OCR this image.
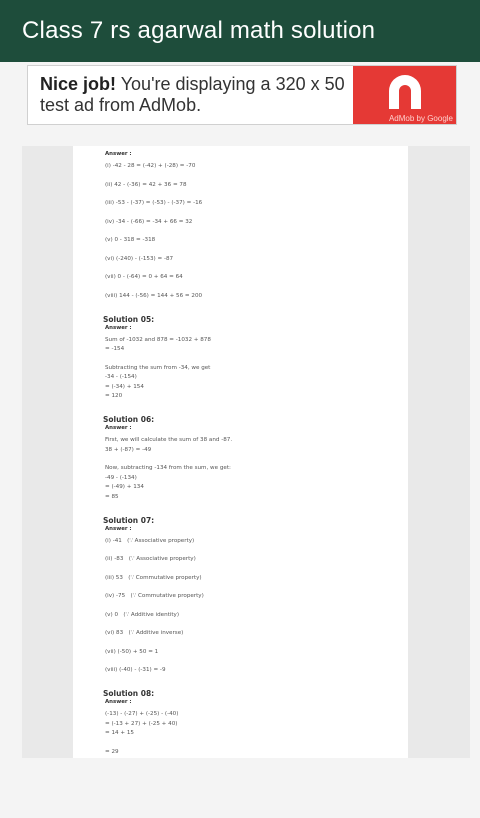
Class 7 rs agarwal math solution
Nice job! You're displaying a 320 x 50 test ad from AdMob.
AdMob by Google
Answer :
(i) -42 - 28 = (-42) + (-28) = -70
(ii) 42 - (-36) = 42 + 36 = 78
(iii) -53 - (-37) = (-53) - (-37) = -16
(iv) -34 - (-66) = -34 + 66 = 32
(v) 0 - 318 = -318
(vi) (-240) - (-153) = -87
(vii) 0 - (-64) = 0 + 64 = 64
(viii) 144 - (-56) = 144 + 56 = 200
Solution 05:
Answer :
Sum of -1032 and 878 = -1032 + 878
= -154
Subtracting the sum from -34, we get
-34 - (-154)
= (-34) + 154
= 120
Solution 06:
Answer :
First, we will calculate the sum of 38 and -87.
38 + (-87) = -49
Now, subtracting -134 from the sum, we get:
-49 - (-134)
= (-49) + 134
= 85
Solution 07:
Answer :
(i) -41   (∵ Associative property)
(ii) -83   (∵ Associative property)
(iii) 53   (∵ Commutative property)
(iv) -75   (∵ Commutative property)
(v) 0   (∵ Additive identity)
(vi) 83   (∵ Additive inverse)
(vii) (-50) + 50 = 1
(viii) (-40) - (-31) = -9
Solution 08:
Answer :
(-13) - (-27) + (-25) - (-40)
= (-13 + 27) + (-25 + 40)
= 14 + 15
= 29
